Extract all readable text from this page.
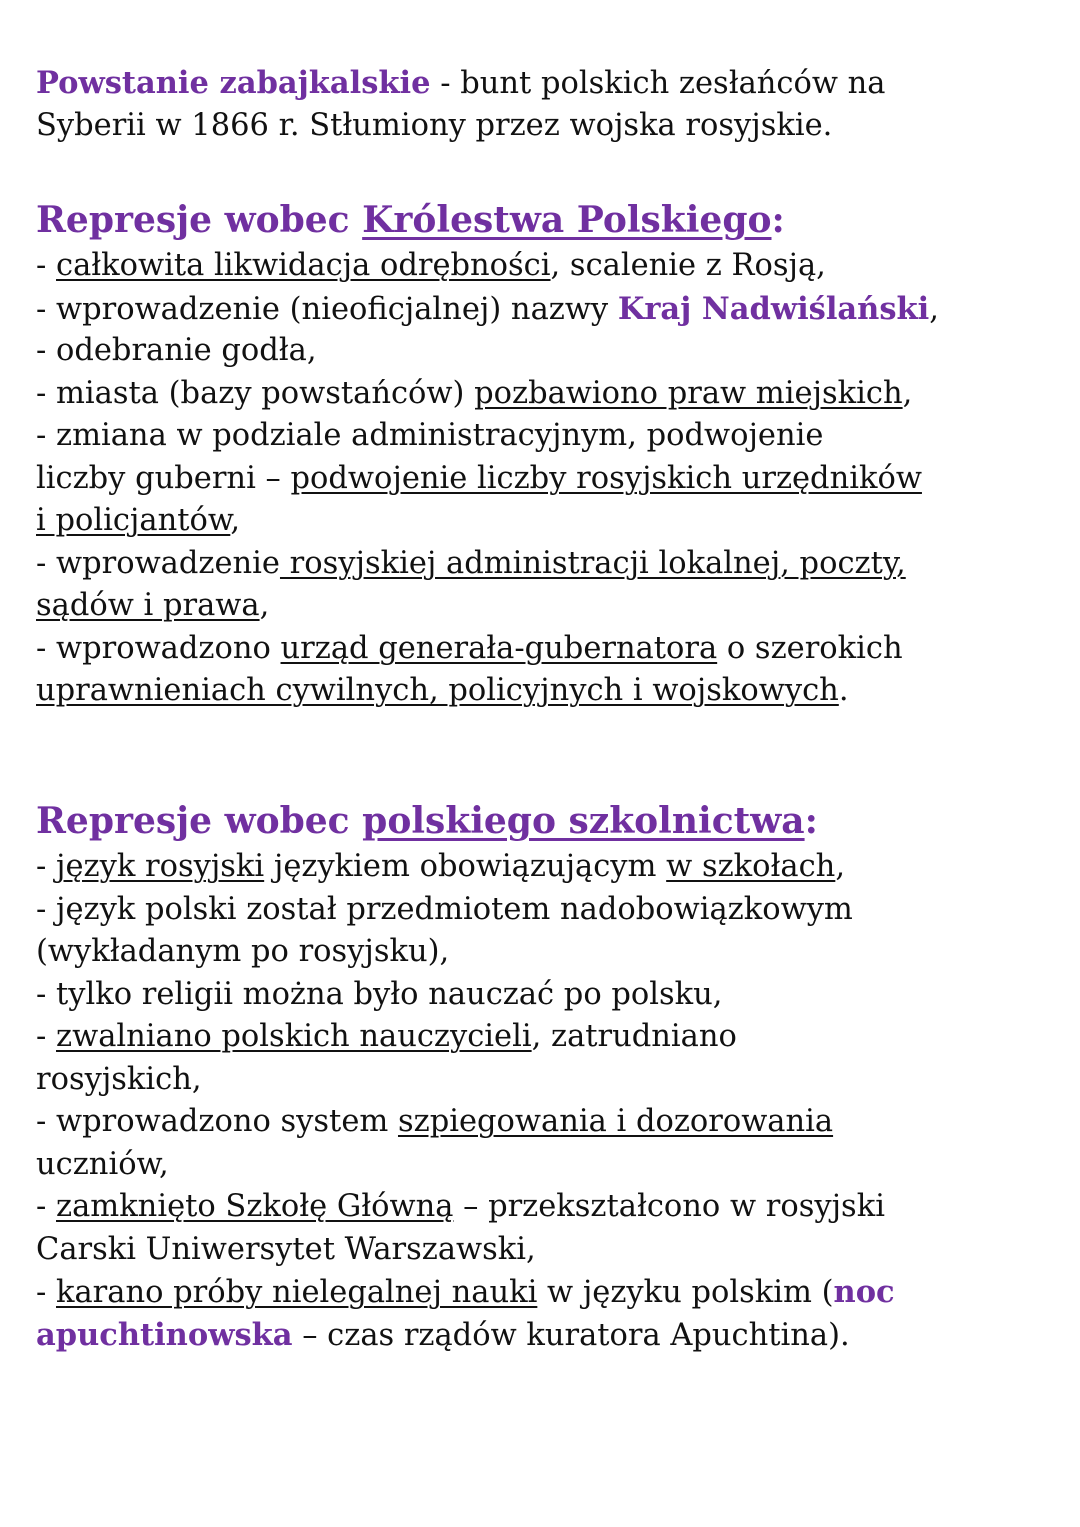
Powstanie zabajkalskie - bunt polskich zesłańców na
Syberii w 1866 r. Stłumiony przez wojska rosyjskie.
Represje wobec Królestwa Polskiego:
- całkowita likwidacja odrębności, scalenie z Rosją,
- wprowadzenie (nieoficjalnej) nazwy Kraj Nadwiślański,
- odebranie godła,
- miasta (bazy powstańców) pozbawiono praw miejskich,
- zmiana w podziale administracyjnym, podwojenie
liczby guberni – podwojenie liczby rosyjskich urzędników
i policjantów,
- wprowadzenie rosyjskiej administracji lokalnej, poczty,
sądów i prawa,
- wprowadzono urząd generała-gubernatora o szerokich
uprawnieniach cywilnych, policyjnych i wojskowych.
Represje wobec polskiego szkolnictwa:
- język rosyjski językiem obowiązującym w szkołach,
- język polski został przedmiotem nadobowiązkowym
(wykładanym po rosyjsku),
- tylko religii można było nauczać po polsku,
- zwalniano polskich nauczycieli, zatrudniano
rosyjskich,
- wprowadzono system szpiegowania i dozorowania
uczniów,
- zamknięto Szkołę Główną – przekształcono w rosyjski
Carski Uniwersytet Warszawski,
- karano próby nielegalnej nauki w języku polskim (noc
apuchtinowska – czas rządów kuratora Apuchtina).
